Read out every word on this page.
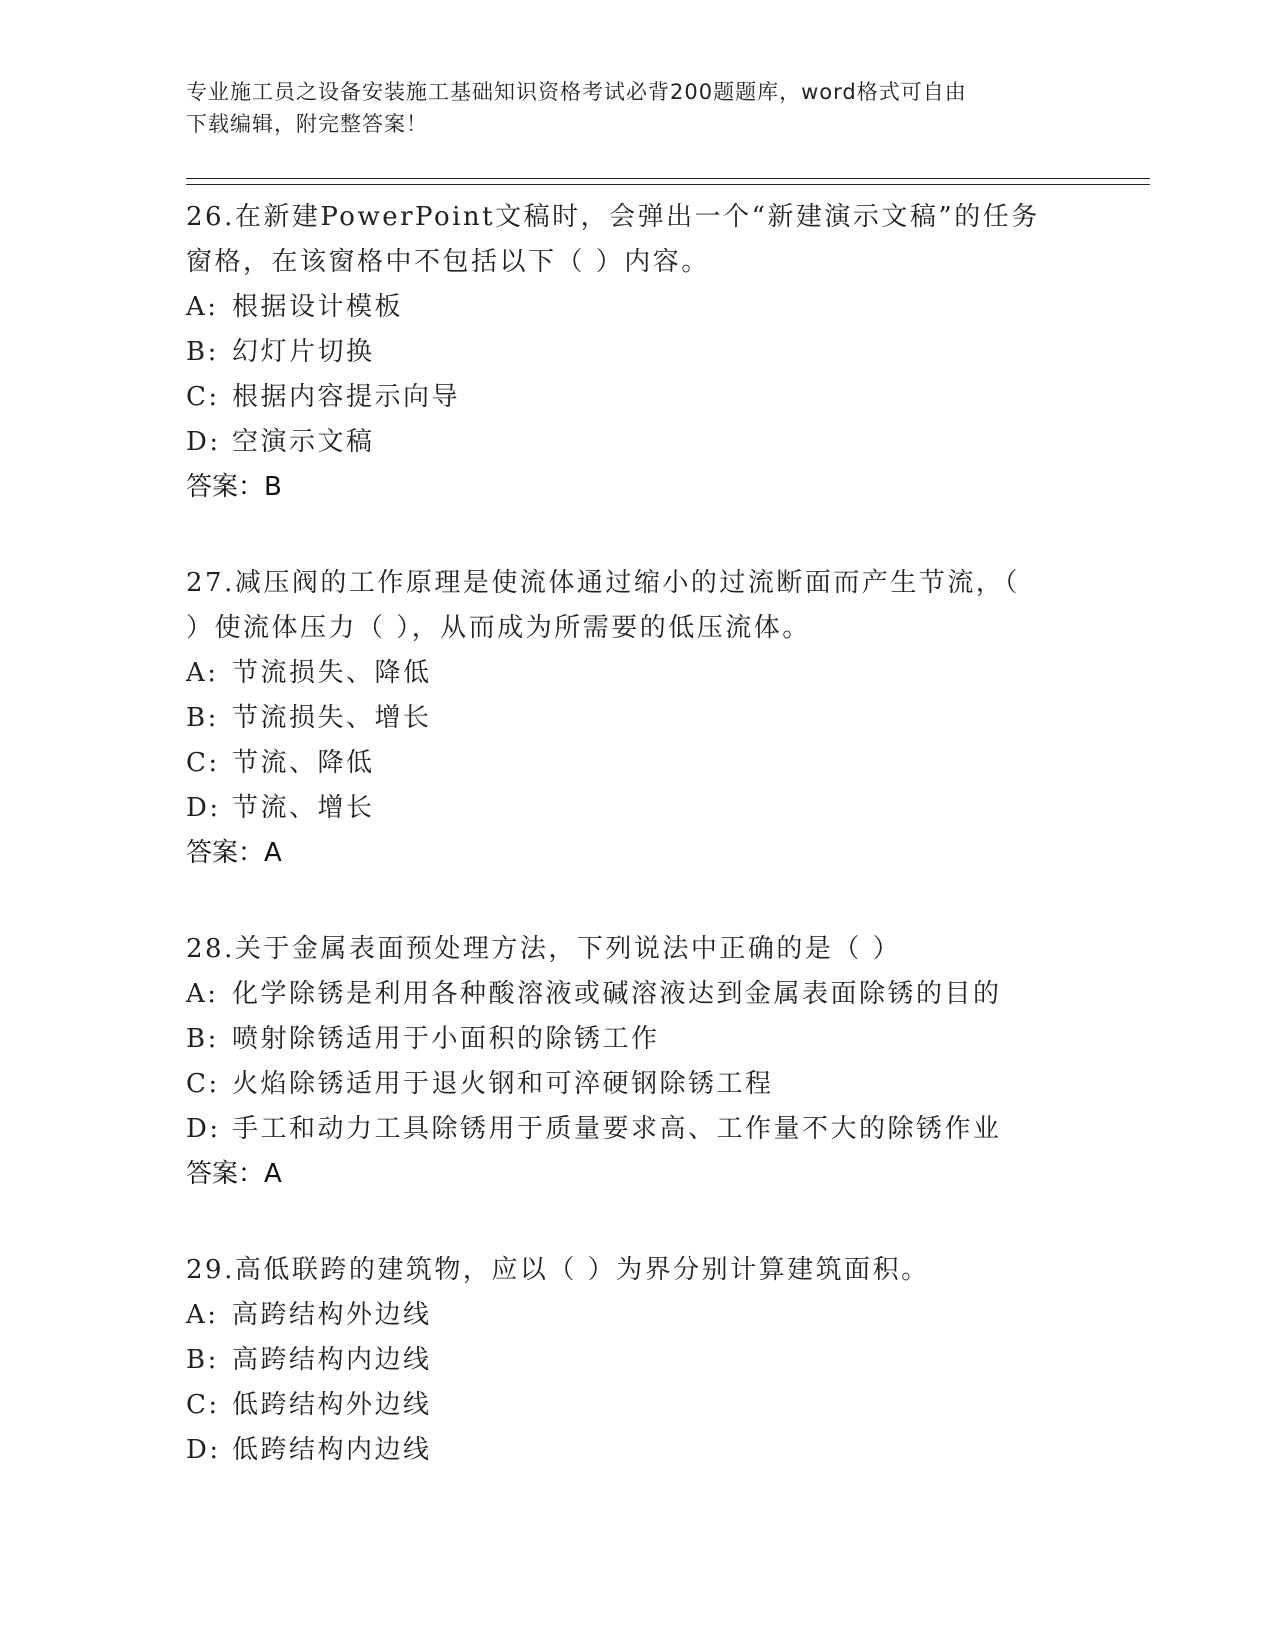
专业施工员之设备安装施工基础知识资格考试必背200题题库，word格式可自由
下载编辑，附完整答案！

26.在新建PowerPoint文稿时，会弹出一个“新建演示文稿”的任务

窗格，在该窗格中不包括以下（ ）内容。

A: 根据设计模板

B: 幻灯片切换

C: 根据内容提示向导

D: 空演示文稿

答案：B

27.减压阀的工作原理是使流体通过缩小的过流断面而产生节流，（

）使流体压力（ ），从而成为所需要的低压流体。

A: 节流损失、降低

B: 节流损失、增长

C: 节流、降低

D: 节流、增长

答案：A

28.关于金属表面预处理方法，下列说法中正确的是（ ）

A: 化学除锈是利用各种酸溶液或碱溶液达到金属表面除锈的目的

B: 喷射除锈适用于小面积的除锈工作

C: 火焰除锈适用于退火钢和可淬硬钢除锈工程

D: 手工和动力工具除锈用于质量要求高、工作量不大的除锈作业

答案：A

29.高低联跨的建筑物，应以（ ）为界分别计算建筑面积。

A: 高跨结构外边线

B: 高跨结构内边线

C: 低跨结构外边线

D: 低跨结构内边线
